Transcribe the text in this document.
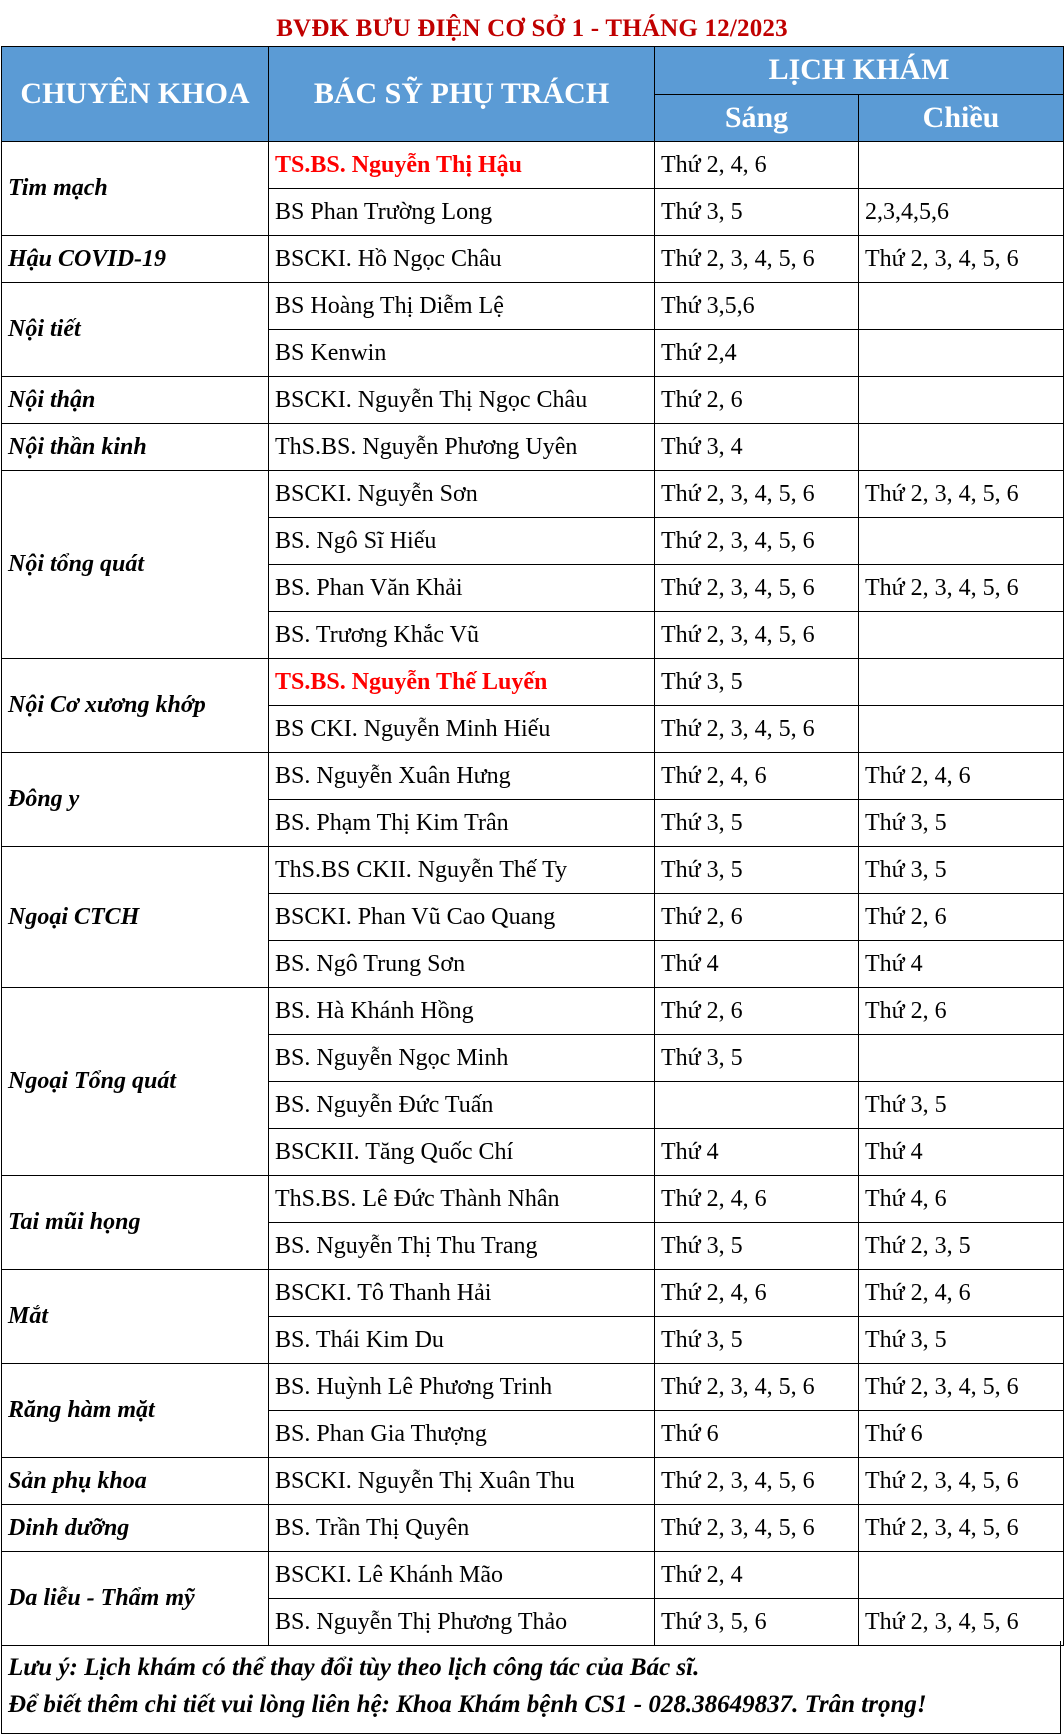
BVĐK BƯU ĐIỆN CƠ SỞ 1 - THÁNG 12/2023
CHUYÊN KHOA	BÁC SỸ PHỤ TRÁCH	LỊCH KHÁM	
		Sáng	Chiều
Tim mạch	TS.BS. Nguyễn Thị Hậu	Thứ 2, 4, 6	
	BS Phan Trường Long	Thứ 3, 5	2,3,4,5,6
Hậu COVID-19	BSCKI. Hồ Ngọc Châu	Thứ 2, 3, 4, 5, 6	Thứ 2, 3, 4, 5, 6
Nội tiết	BS Hoàng Thị Diễm Lệ	Thứ 3,5,6	
	BS Kenwin	Thứ 2,4	
Nội thận	BSCKI. Nguyễn Thị Ngọc Châu	Thứ 2, 6	
Nội thần kinh	ThS.BS. Nguyễn Phương Uyên	Thứ 3, 4	
Nội tổng quát	BSCKI. Nguyễn Sơn	Thứ 2, 3, 4, 5, 6	Thứ 2, 3, 4, 5, 6
	BS. Ngô Sĩ Hiếu	Thứ 2, 3, 4, 5, 6	
	BS. Phan Văn Khải	Thứ 2, 3, 4, 5, 6	Thứ 2, 3, 4, 5, 6
	BS. Trương Khắc Vũ	Thứ 2, 3, 4, 5, 6	
Nội Cơ xương khớp	TS.BS. Nguyễn Thế Luyến	Thứ 3, 5	
	BS CKI. Nguyễn Minh Hiếu	Thứ 2, 3, 4, 5, 6	
Đông y	BS. Nguyễn Xuân Hưng	Thứ 2, 4, 6	Thứ 2, 4, 6
	BS. Phạm Thị Kim Trân	Thứ 3, 5	Thứ 3, 5
Ngoại CTCH	ThS.BS CKII. Nguyễn Thế Ty	Thứ 3, 5	Thứ 3, 5
	BSCKI. Phan Vũ Cao Quang	Thứ 2, 6	Thứ 2, 6
	BS. Ngô Trung Sơn	Thứ 4	Thứ 4
Ngoại Tổng quát	BS. Hà Khánh Hồng	Thứ 2, 6	Thứ 2, 6
	BS. Nguyễn Ngọc Minh	Thứ 3, 5	
	BS. Nguyễn Đức Tuấn		Thứ 3, 5
	BSCKII. Tăng Quốc Chí	Thứ 4	Thứ 4
Tai mũi họng	ThS.BS. Lê Đức Thành Nhân	Thứ 2, 4, 6	Thứ 4, 6
	BS. Nguyễn Thị Thu Trang	Thứ 3, 5	Thứ 2, 3, 5
Mắt	BSCKI. Tô Thanh Hải	Thứ 2, 4, 6	Thứ 2, 4, 6
	BS. Thái Kim Du	Thứ 3, 5	Thứ 3, 5
Răng hàm mặt	BS. Huỳnh Lê Phương Trinh	Thứ 2, 3, 4, 5, 6	Thứ 2, 3, 4, 5, 6
	BS. Phan Gia Thượng	Thứ 6	Thứ 6
Sản phụ khoa	BSCKI. Nguyễn Thị Xuân Thu	Thứ 2, 3, 4, 5, 6	Thứ 2, 3, 4, 5, 6
Dinh dưỡng	BS. Trần Thị Quyên	Thứ 2, 3, 4, 5, 6	Thứ 2, 3, 4, 5, 6
Da liễu - Thẩm mỹ	BSCKI. Lê Khánh Mão	Thứ 2, 4	
	BS. Nguyễn Thị Phương Thảo	Thứ 3, 5, 6	Thứ 2, 3, 4, 5, 6
Lưu ý: Lịch khám có thể thay đổi tùy theo lịch công tác của Bác sĩ.
Để biết thêm chi tiết vui lòng liên hệ: Khoa Khám bệnh CS1 - 028.38649837. Trân trọng!
